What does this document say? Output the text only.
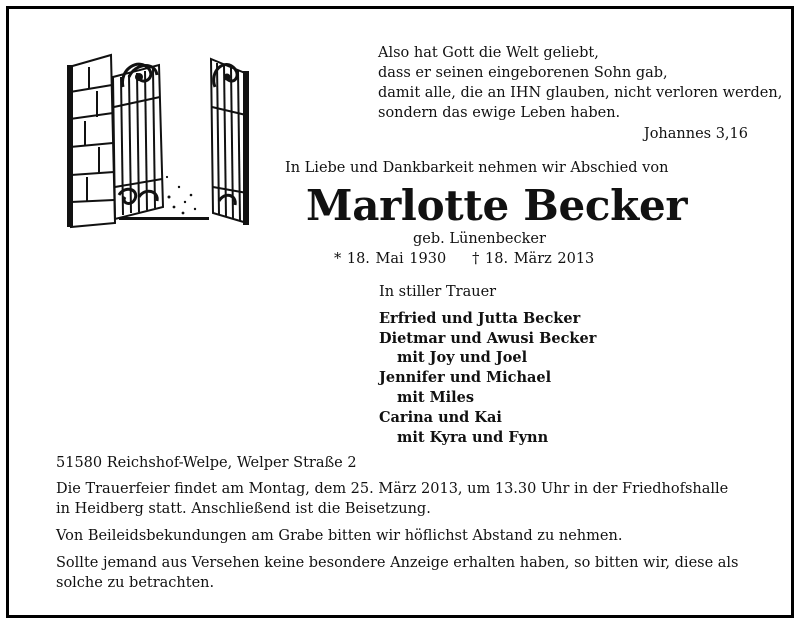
Also hat Gott die Welt geliebt,
dass er seinen eingeborenen Sohn gab,
damit alle, die an IHN glauben, nicht verloren werden,
sondern das ewige Leben haben.
Johannes 3,16
In Liebe und Dankbarkeit nehmen wir Abschied von
Marlotte Becker
geb. Lünenbecker
* 18. Mai 1930 † 18. März 2013
In stiller Trauer
Erfried und Jutta Becker
Dietmar und Awusi Becker
mit Joy und Joel
Jennifer und Michael
mit Miles
Carina und Kai
mit Kyra und Fynn

51580 Reichshof-Welpe, Welper Straße 2

Die Trauerfeier findet am Montag, dem 25. März 2013, um 13.30 Uhr in der Friedhofshalle in Heidberg statt. Anschließend ist die Beisetzung.

Von Beileidsbekundungen am Grabe bitten wir höflichst Abstand zu nehmen.

Sollte jemand aus Versehen keine besondere Anzeige erhalten haben, so bitten wir, diese als solche zu betrachten.
